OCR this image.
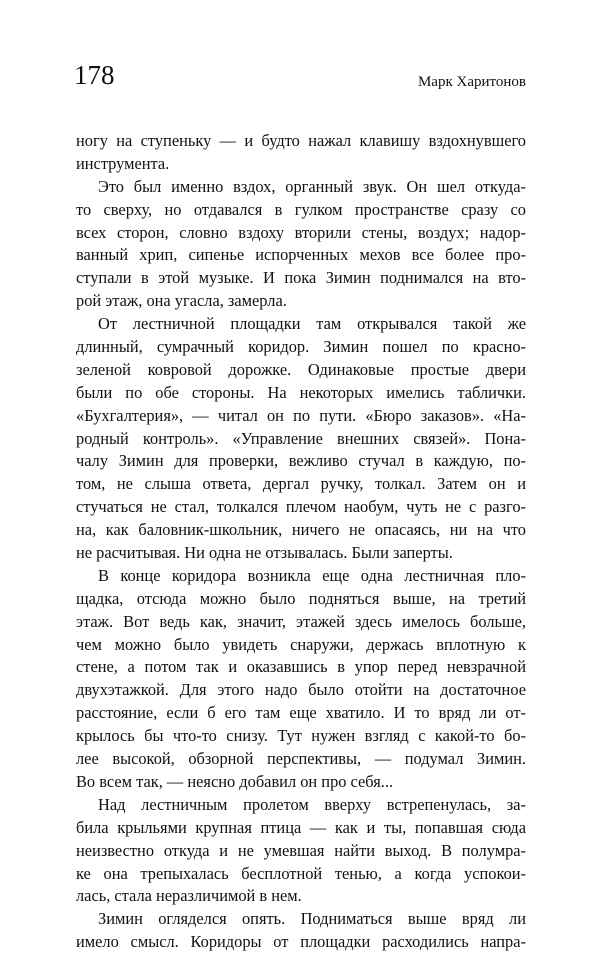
178	Марк Харитонов
ногу на ступеньку — и будто нажал клавишу вздохнувшего
инструмента.
Это был именно вздох, органный звук. Он шел откуда-
то сверху, но отдавался в гулком пространстве сразу со
всех сторон, словно вздоху вторили стены, воздух; надор-
ванный хрип, сипенье испорченных мехов все более про-
ступали в этой музыке. И пока Зимин поднимался на вто-
рой этаж, она угасла, замерла.
От лестничной площадки там открывался такой же
длинный, сумрачный коридор. Зимин пошел по красно-
зеленой ковровой дорожке. Одинаковые простые двери
были по обе стороны. На некоторых имелись таблички.
«Бухгалтерия», — читал он по пути. «Бюро заказов». «На-
родный контроль». «Управление внешних связей». Пона-
чалу Зимин для проверки, вежливо стучал в каждую, по-
том, не слыша ответа, дергал ручку, толкал. Затем он и
стучаться не стал, толкался плечом наобум, чуть не с разго-
на, как баловник-школьник, ничего не опасаясь, ни на что
не расчитывая. Ни одна не отзывалась. Были заперты.
В конце коридора возникла еще одна лестничная пло-
щадка, отсюда можно было подняться выше, на третий
этаж. Вот ведь как, значит, этажей здесь имелось больше,
чем можно было увидеть снаружи, держась вплотную к
стене, а потом так и оказавшись в упор перед невзрачной
двухэтажкой. Для этого надо было отойти на достаточное
расстояние, если б его там еще хватило. И то вряд ли от-
крылось бы что-то снизу. Тут нужен взгляд с какой-то бо-
лее высокой, обзорной перспективы, — подумал Зимин.
Во всем так, — неясно добавил он про себя...
Над лестничным пролетом вверху встрепенулась, за-
била крыльями крупная птица — как и ты, попавшая сюда
неизвестно откуда и не умевшая найти выход. В полумра-
ке она трепыхалась бесплотной тенью, а когда успокои-
лась, стала неразличимой в нем.
Зимин огляделся опять. Подниматься выше вряд ли
имело смысл. Коридоры от площадки расходились напра-
